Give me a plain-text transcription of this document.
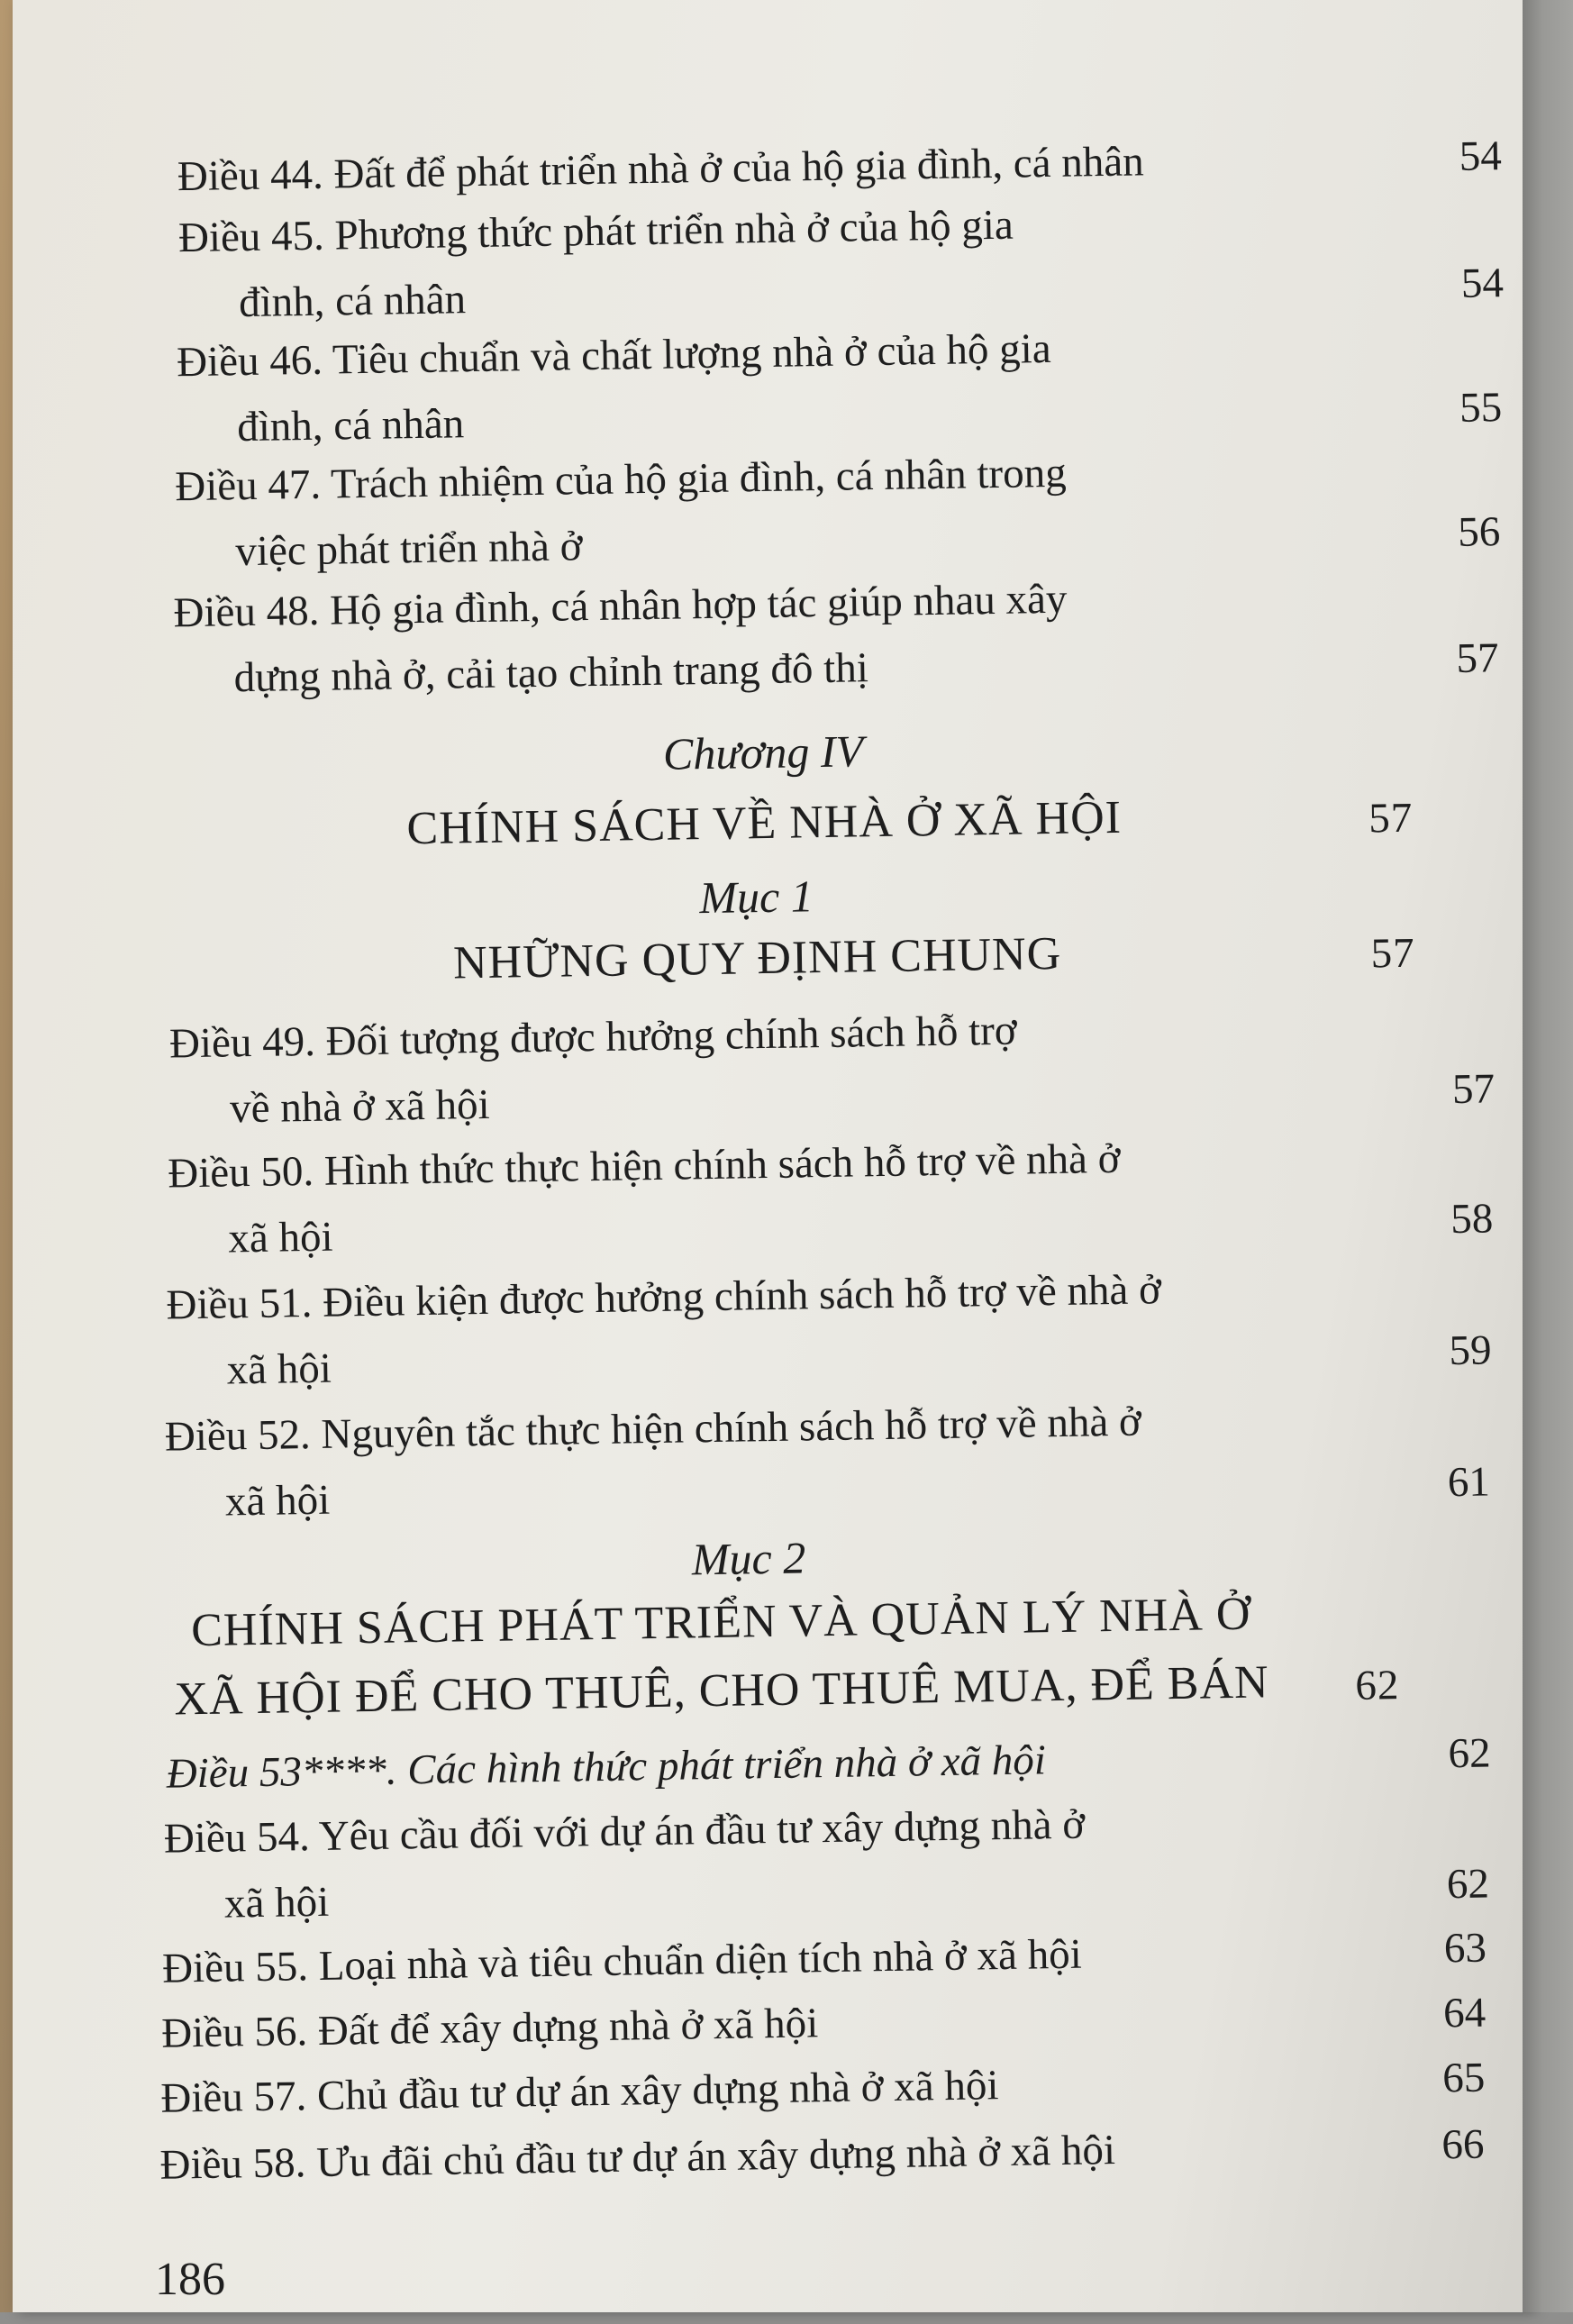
Điều 44. Đất để phát triển nhà ở của hộ gia đình, cá nhân	54
Điều 45. Phương thức phát triển nhà ở của hộ gia
đình, cá nhân	54
Điều 46. Tiêu chuẩn và chất lượng nhà ở của hộ gia
đình, cá nhân	55
Điều 47. Trách nhiệm của hộ gia đình, cá nhân trong
việc phát triển nhà ở	56
Điều 48. Hộ gia đình, cá nhân hợp tác giúp nhau xây
dựng nhà ở, cải tạo chỉnh trang đô thị	57
Chương IV
CHÍNH SÁCH VỀ NHÀ Ở XÃ HỘI	57
Mục 1
NHỮNG QUY ĐỊNH CHUNG	57
Điều 49. Đối tượng được hưởng chính sách hỗ trợ
về nhà ở xã hội	57
Điều 50. Hình thức thực hiện chính sách hỗ trợ về nhà ở
xã hội	58
Điều 51. Điều kiện được hưởng chính sách hỗ trợ về nhà ở
xã hội	59
Điều 52. Nguyên tắc thực hiện chính sách hỗ trợ về nhà ở
xã hội	61
Mục 2
CHÍNH SÁCH PHÁT TRIỂN VÀ QUẢN LÝ NHÀ Ở
XÃ HỘI ĐỂ CHO THUÊ, CHO THUÊ MUA, ĐỂ BÁN	62
Điều 53****. Các hình thức phát triển nhà ở xã hội	62
Điều 54. Yêu cầu đối với dự án đầu tư xây dựng nhà ở
xã hội	62
Điều 55. Loại nhà và tiêu chuẩn diện tích nhà ở xã hội	63
Điều 56. Đất để xây dựng nhà ở xã hội	64
Điều 57. Chủ đầu tư dự án xây dựng nhà ở xã hội	65
Điều 58. Ưu đãi chủ đầu tư dự án xây dựng nhà ở xã hội	66
186
